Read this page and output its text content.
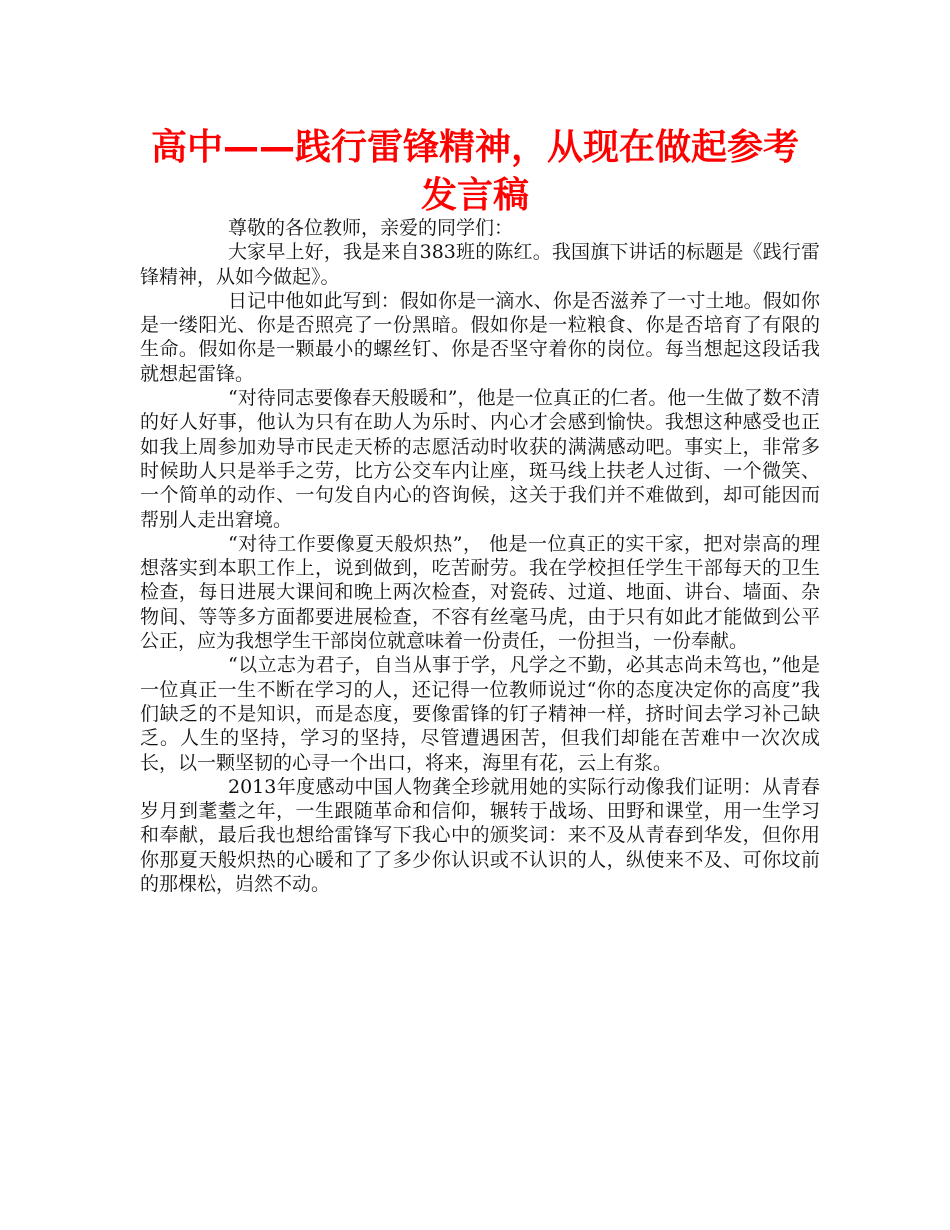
高中——践行雷锋精神，从现在做起参考
发言稿

尊敬的各位教师，亲爱的同学们：

大家早上好，我是来自383班的陈红。我国旗下讲话的标题是《践行雷锋精神，从如今做起》。

日记中他如此写到：假如你是一滴水、你是否滋养了一寸土地。假如你是一缕阳光、你是否照亮了一份黑暗。假如你是一粒粮食、你是否培育了有限的生命。假如你是一颗最小的螺丝钉、你是否坚守着你的岗位。每当想起这段话我就想起雷锋。

“对待同志要像春天般暖和”，他是一位真正的仁者。他一生做了数不清的好人好事，他认为只有在助人为乐时、内心才会感到愉快。我想这种感受也正如我上周参加劝导市民走天桥的志愿活动时收获的满满感动吧。事实上，非常多时候助人只是举手之劳，比方公交车内让座，斑马线上扶老人过街、一个微笑、一个简单的动作、一句发自内心的咨询候，这关于我们并不难做到，却可能因而帮别人走出窘境。

“对待工作要像夏天般炽热”， 他是一位真正的实干家，把对崇高的理想落实到本职工作上，说到做到，吃苦耐劳。我在学校担任学生干部每天的卫生检查，每日进展大课间和晚上两次检查，对瓷砖、过道、地面、讲台、墙面、杂物间、等等多方面都要进展检查，不容有丝毫马虎，由于只有如此才能做到公平公正，应为我想学生干部岗位就意味着一份责任，一份担当，一份奉献。

“以立志为君子，自当从事于学，凡学之不勤，必其志尚未笃也，”他是一位真正一生不断在学习的人，还记得一位教师说过“你的态度决定你的高度”我们缺乏的不是知识，而是态度，要像雷锋的钉子精神一样，挤时间去学习补己缺乏。人生的坚持，学习的坚持，尽管遭遇困苦，但我们却能在苦难中一次次成长，以一颗坚韧的心寻一个出口，将来，海里有花，云上有浆。

2013年度感动中国人物龚全珍就用她的实际行动像我们证明：从青春岁月到耄耋之年，一生跟随革命和信仰，辗转于战场、田野和课堂，用一生学习和奉献，最后我也想给雷锋写下我心中的颁奖词：来不及从青春到华发，但你用你那夏天般炽热的心暖和了了多少你认识或不认识的人，纵使来不及、可你坟前的那棵松，岿然不动。
